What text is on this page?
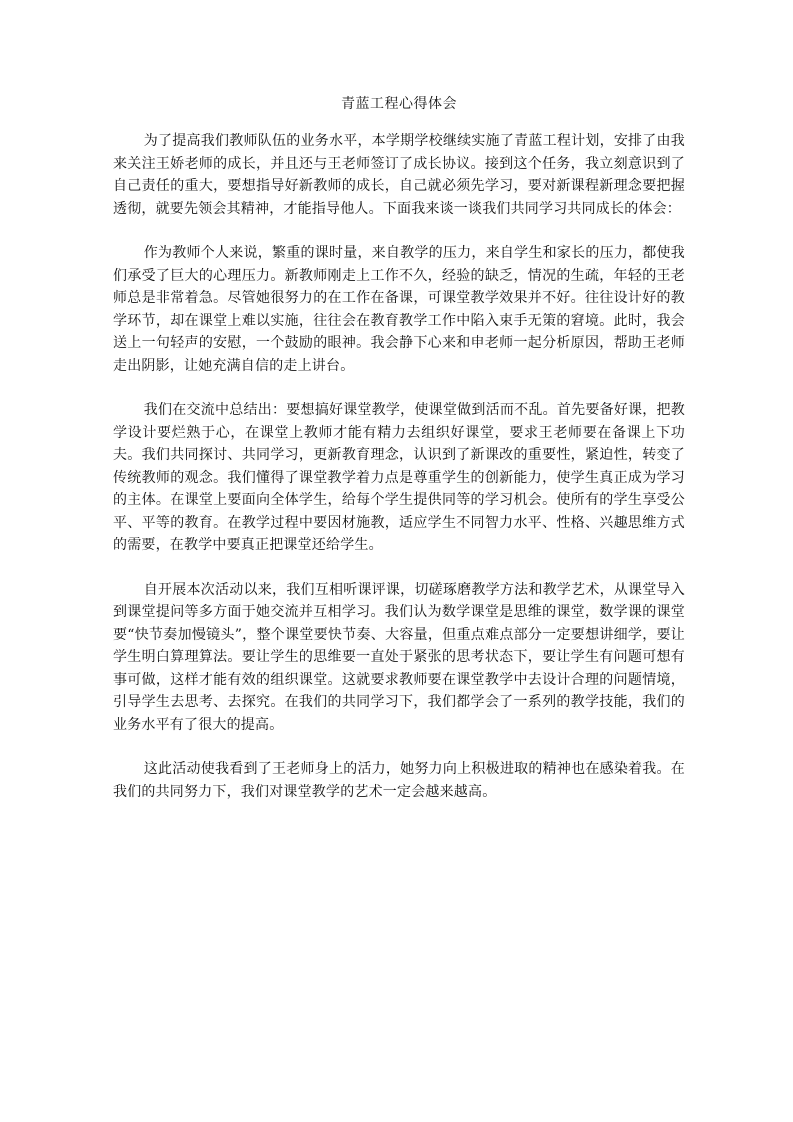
青蓝工程心得体会

为了提高我们教师队伍的业务水平，本学期学校继续实施了青蓝工程计划，安排了由我来关注王娇老师的成长，并且还与王老师签订了成长协议。接到这个任务，我立刻意识到了自己责任的重大，要想指导好新教师的成长，自己就必须先学习，要对新课程新理念要把握透彻，就要先领会其精神，才能指导他人。下面我来谈一谈我们共同学习共同成长的体会：

作为教师个人来说，繁重的课时量，来自教学的压力，来自学生和家长的压力，都使我们承受了巨大的心理压力。新教师刚走上工作不久，经验的缺乏，情况的生疏，年轻的王老师总是非常着急。尽管她很努力的在工作在备课，可课堂教学效果并不好。往往设计好的教学环节，却在课堂上难以实施，往往会在教育教学工作中陷入束手无策的窘境。此时，我会送上一句轻声的安慰，一个鼓励的眼神。我会静下心来和申老师一起分析原因，帮助王老师走出阴影，让她充满自信的走上讲台。

我们在交流中总结出：要想搞好课堂教学，使课堂做到活而不乱。首先要备好课，把教学设计要烂熟于心，在课堂上教师才能有精力去组织好课堂，要求王老师要在备课上下功夫。我们共同探讨、共同学习，更新教育理念，认识到了新课改的重要性，紧迫性，转变了传统教师的观念。我们懂得了课堂教学着力点是尊重学生的创新能力，使学生真正成为学习的主体。在课堂上要面向全体学生，给每个学生提供同等的学习机会。使所有的学生享受公平、平等的教育。在教学过程中要因材施教，适应学生不同智力水平、性格、兴趣思维方式的需要，在教学中要真正把课堂还给学生。

自开展本次活动以来，我们互相听课评课，切磋琢磨教学方法和教学艺术，从课堂导入到课堂提问等多方面于她交流并互相学习。我们认为数学课堂是思维的课堂，数学课的课堂要“快节奏加慢镜头”，整个课堂要快节奏、大容量，但重点难点部分一定要想讲细学，要让学生明白算理算法。要让学生的思维要一直处于紧张的思考状态下，要让学生有问题可想有事可做，这样才能有效的组织课堂。这就要求教师要在课堂教学中去设计合理的问题情境，引导学生去思考、去探究。在我们的共同学习下，我们都学会了一系列的教学技能，我们的业务水平有了很大的提高。

这此活动使我看到了王老师身上的活力，她努力向上积极进取的精神也在感染着我。在我们的共同努力下，我们对课堂教学的艺术一定会越来越高。
